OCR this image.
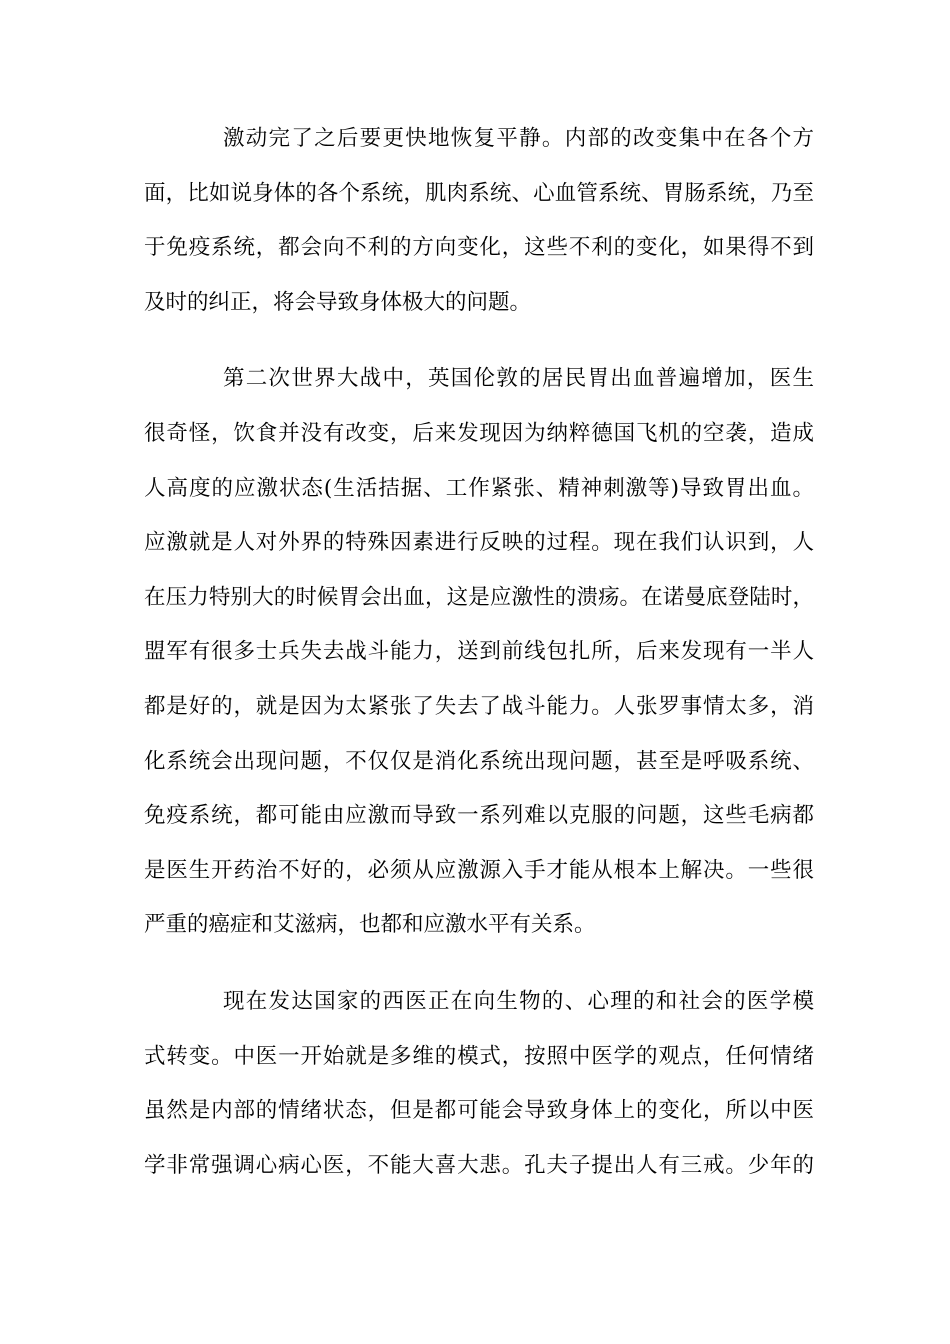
激动完了之后要更快地恢复平静。内部的改变集中在各个方
面，比如说身体的各个系统，肌肉系统、心血管系统、胃肠系统，乃至
于免疫系统，都会向不利的方向变化，这些不利的变化，如果得不到
及时的纠正，将会导致身体极大的问题。
第二次世界大战中，英国伦敦的居民胃出血普遍增加，医生
很奇怪，饮食并没有改变，后来发现因为纳粹德国飞机的空袭，造成
人高度的应激状态(生活拮据、工作紧张、精神刺激等)导致胃出血。
应激就是人对外界的特殊因素进行反映的过程。现在我们认识到，人
在压力特别大的时候胃会出血，这是应激性的溃疡。在诺曼底登陆时，
盟军有很多士兵失去战斗能力，送到前线包扎所，后来发现有一半人
都是好的，就是因为太紧张了失去了战斗能力。人张罗事情太多，消
化系统会出现问题，不仅仅是消化系统出现问题，甚至是呼吸系统、
免疫系统，都可能由应激而导致一系列难以克服的问题，这些毛病都
是医生开药治不好的，必须从应激源入手才能从根本上解决。一些很
严重的癌症和艾滋病，也都和应激水平有关系。
现在发达国家的西医正在向生物的、心理的和社会的医学模
式转变。中医一开始就是多维的模式，按照中医学的观点，任何情绪
虽然是内部的情绪状态，但是都可能会导致身体上的变化，所以中医
学非常强调心病心医，不能大喜大悲。孔夫子提出人有三戒。少年的
